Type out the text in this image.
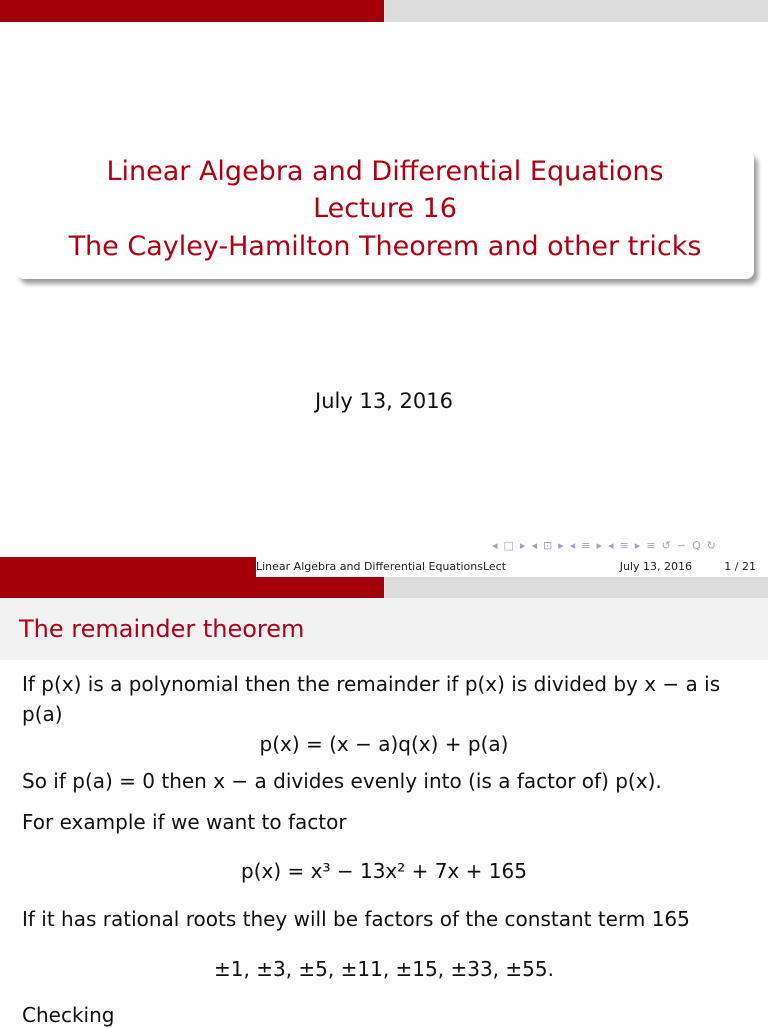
Linear Algebra and Differential Equations
Lecture 16
The Cayley-Hamilton Theorem and other tricks
July 13, 2016
◂ □ ▸ ◂ ⊡ ▸ ◂ ≡ ▸ ◂ ≡ ▸ ≡ ↺ ∽ Q ↻
Linear Algebra and Differential EquationsLect	July 13, 2016	1 / 21
The remainder theorem
If p(x) is a polynomial then the remainder if p(x) is divided by x − a is
p(a)
p(x) = (x − a)q(x) + p(a)
So if p(a) = 0 then x − a divides evenly into (is a factor of) p(x).
For example if we want to factor
p(x) = x³ − 13x² + 7x + 165
If it has rational roots they will be factors of the constant term 165
±1, ±3, ±5, ±11, ±15, ±33, ±55.
Checking
